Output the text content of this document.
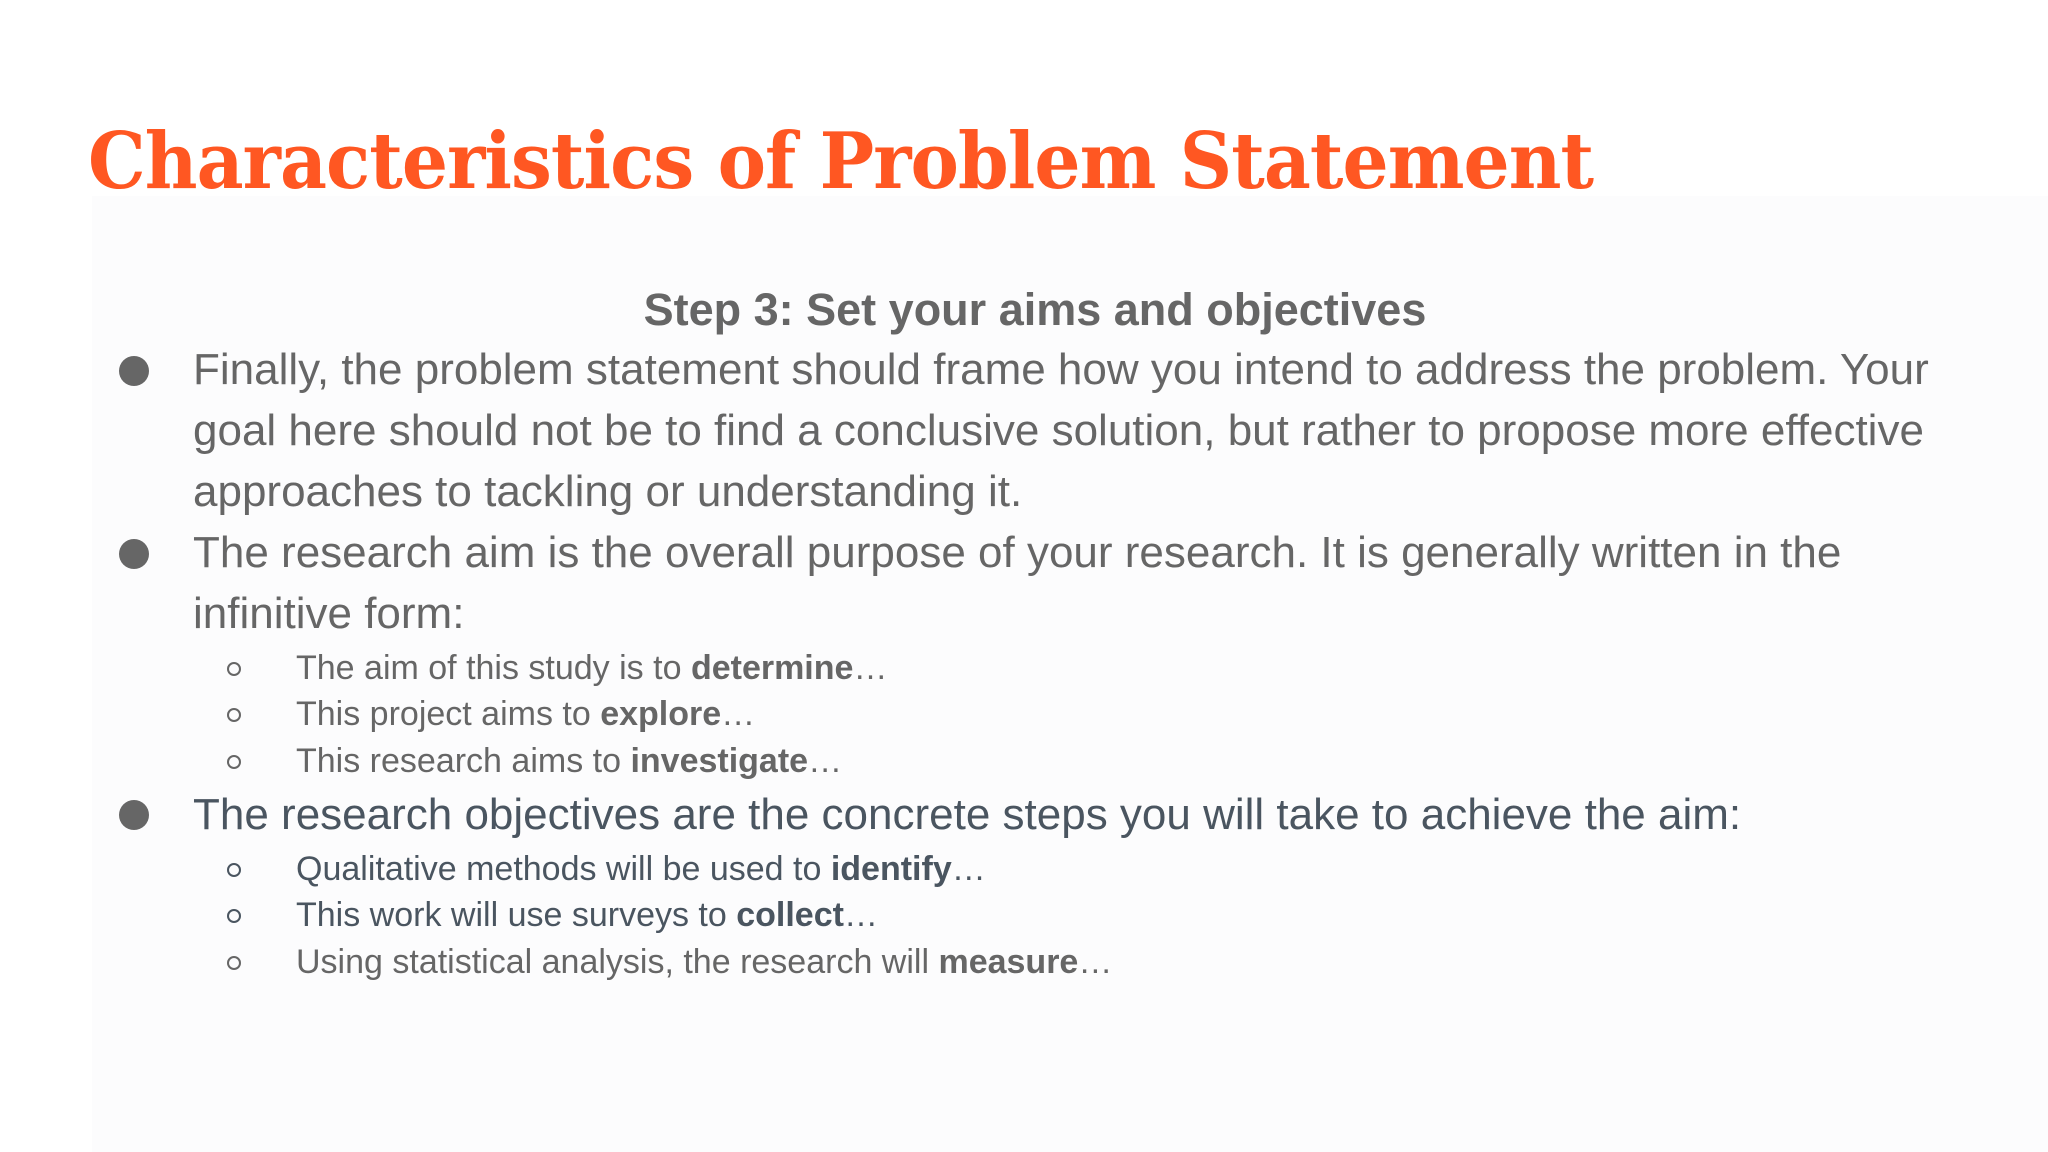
Characteristics of Problem Statement
Step 3: Set your aims and objectives

Finally, the problem statement should frame how you intend to address the problem. Your goal here should not be to find a conclusive solution, but rather to propose more effective approaches to tackling or understanding it.

The research aim is the overall purpose of your research. It is generally written in the infinitive form:

The aim of this study is to determine…

This project aims to explore…

This research aims to investigate…

The research objectives are the concrete steps you will take to achieve the aim:

Qualitative methods will be used to identify…

This work will use surveys to collect…

Using statistical analysis, the research will measure…
